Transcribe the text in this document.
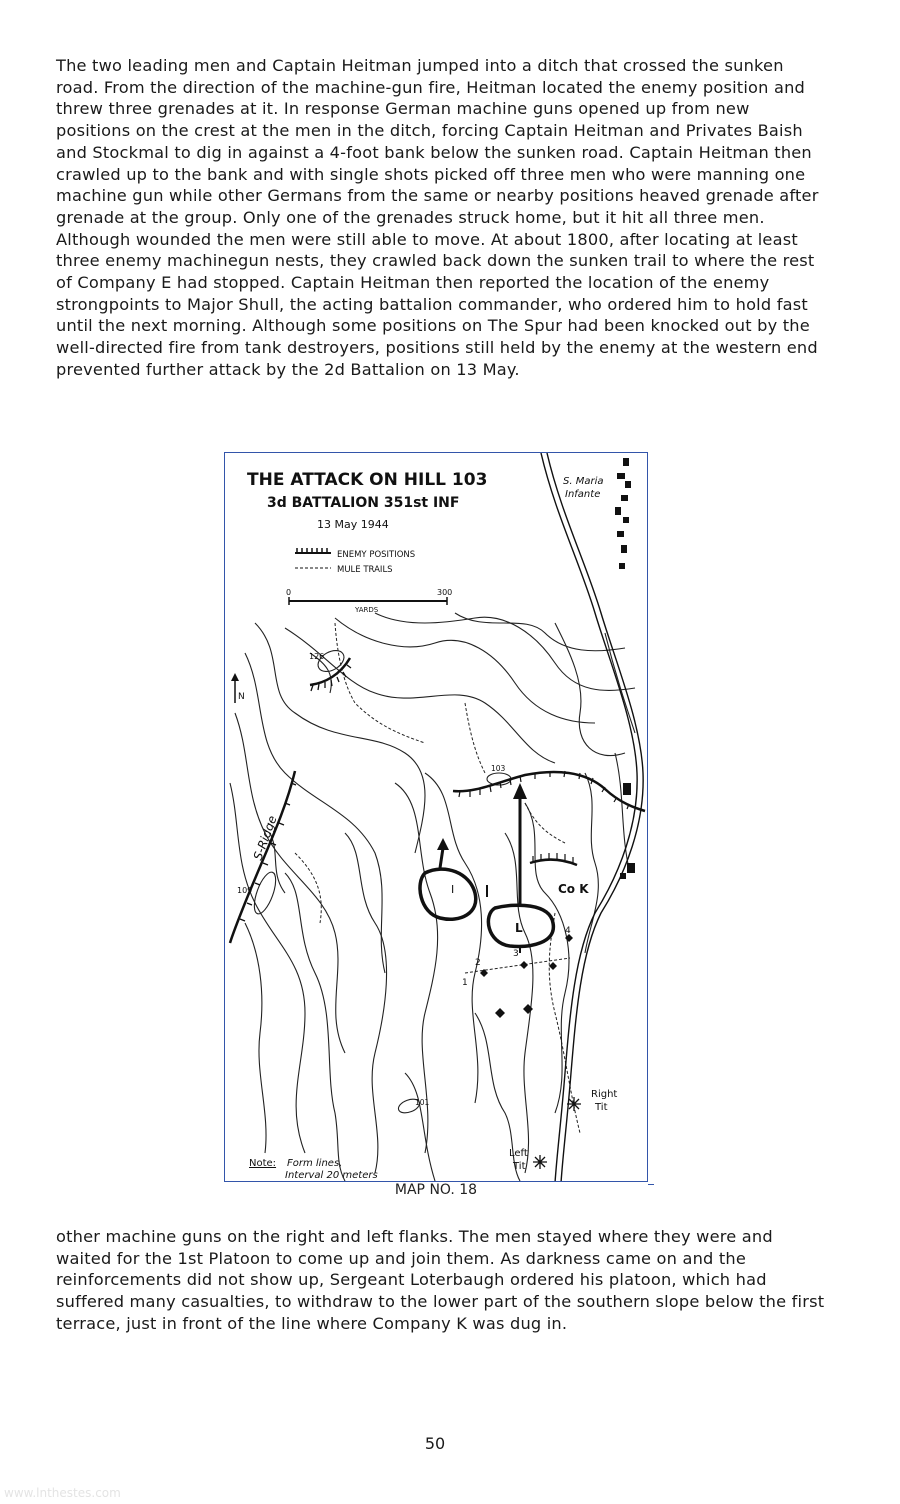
The two leading men and Captain Heitman jumped into a ditch that crossed the sunken road. From the direction of the machine-gun fire, Heitman located the enemy position and threw three grenades at it. In response German machine guns opened up from new positions on the crest at the men in the ditch, forcing Captain Heitman and Privates Baish and Stockmal to dig in against a 4-foot bank below the sunken road. Captain Heitman then crawled up to the bank and with single shots picked off three men who were manning one machine gun while other Germans from the same or nearby positions heaved grenade after grenade at the group. Only one of the grenades struck home, but it hit all three men. Although wounded the men were still able to move. At about 1800, after locating at least three enemy machinegun nests, they crawled back down the sunken trail to where the rest of Company E had stopped. Captain Heitman then reported the location of the enemy strongpoints to Major Shull, the acting battalion commander, who ordered him to hold fast until the next morning. Although some positions on The Spur had been knocked out by the well-directed fire from tank destroyers, positions still held by the enemy at the western end prevented further attack by the 2d Battalion on 13 May.

THE ATTACK ON HILL 103
3d BATTALION 351st INF
13 May 1944
ENEMY POSITIONS
MULE TRAILS
0	300
YARDS
N
S. Maria
Infante
L
I	Co K
1
2
3
4
126
103
109
101
S-Ridge
Right
Tit
Left
Tit
Note: Form lines,
Interval 20 meters
MAP NO. 18

other machine guns on the right and left flanks. The men stayed where they were and waited for the 1st Platoon to come up and join them. As darkness came on and the reinforcements did not show up, Sergeant Loterbaugh ordered his platoon, which had suffered many casualties, to withdraw to the lower part of the southern slope below the first terrace, just in front of the line where Company K was dug in.

50
www.lnthestes.com
